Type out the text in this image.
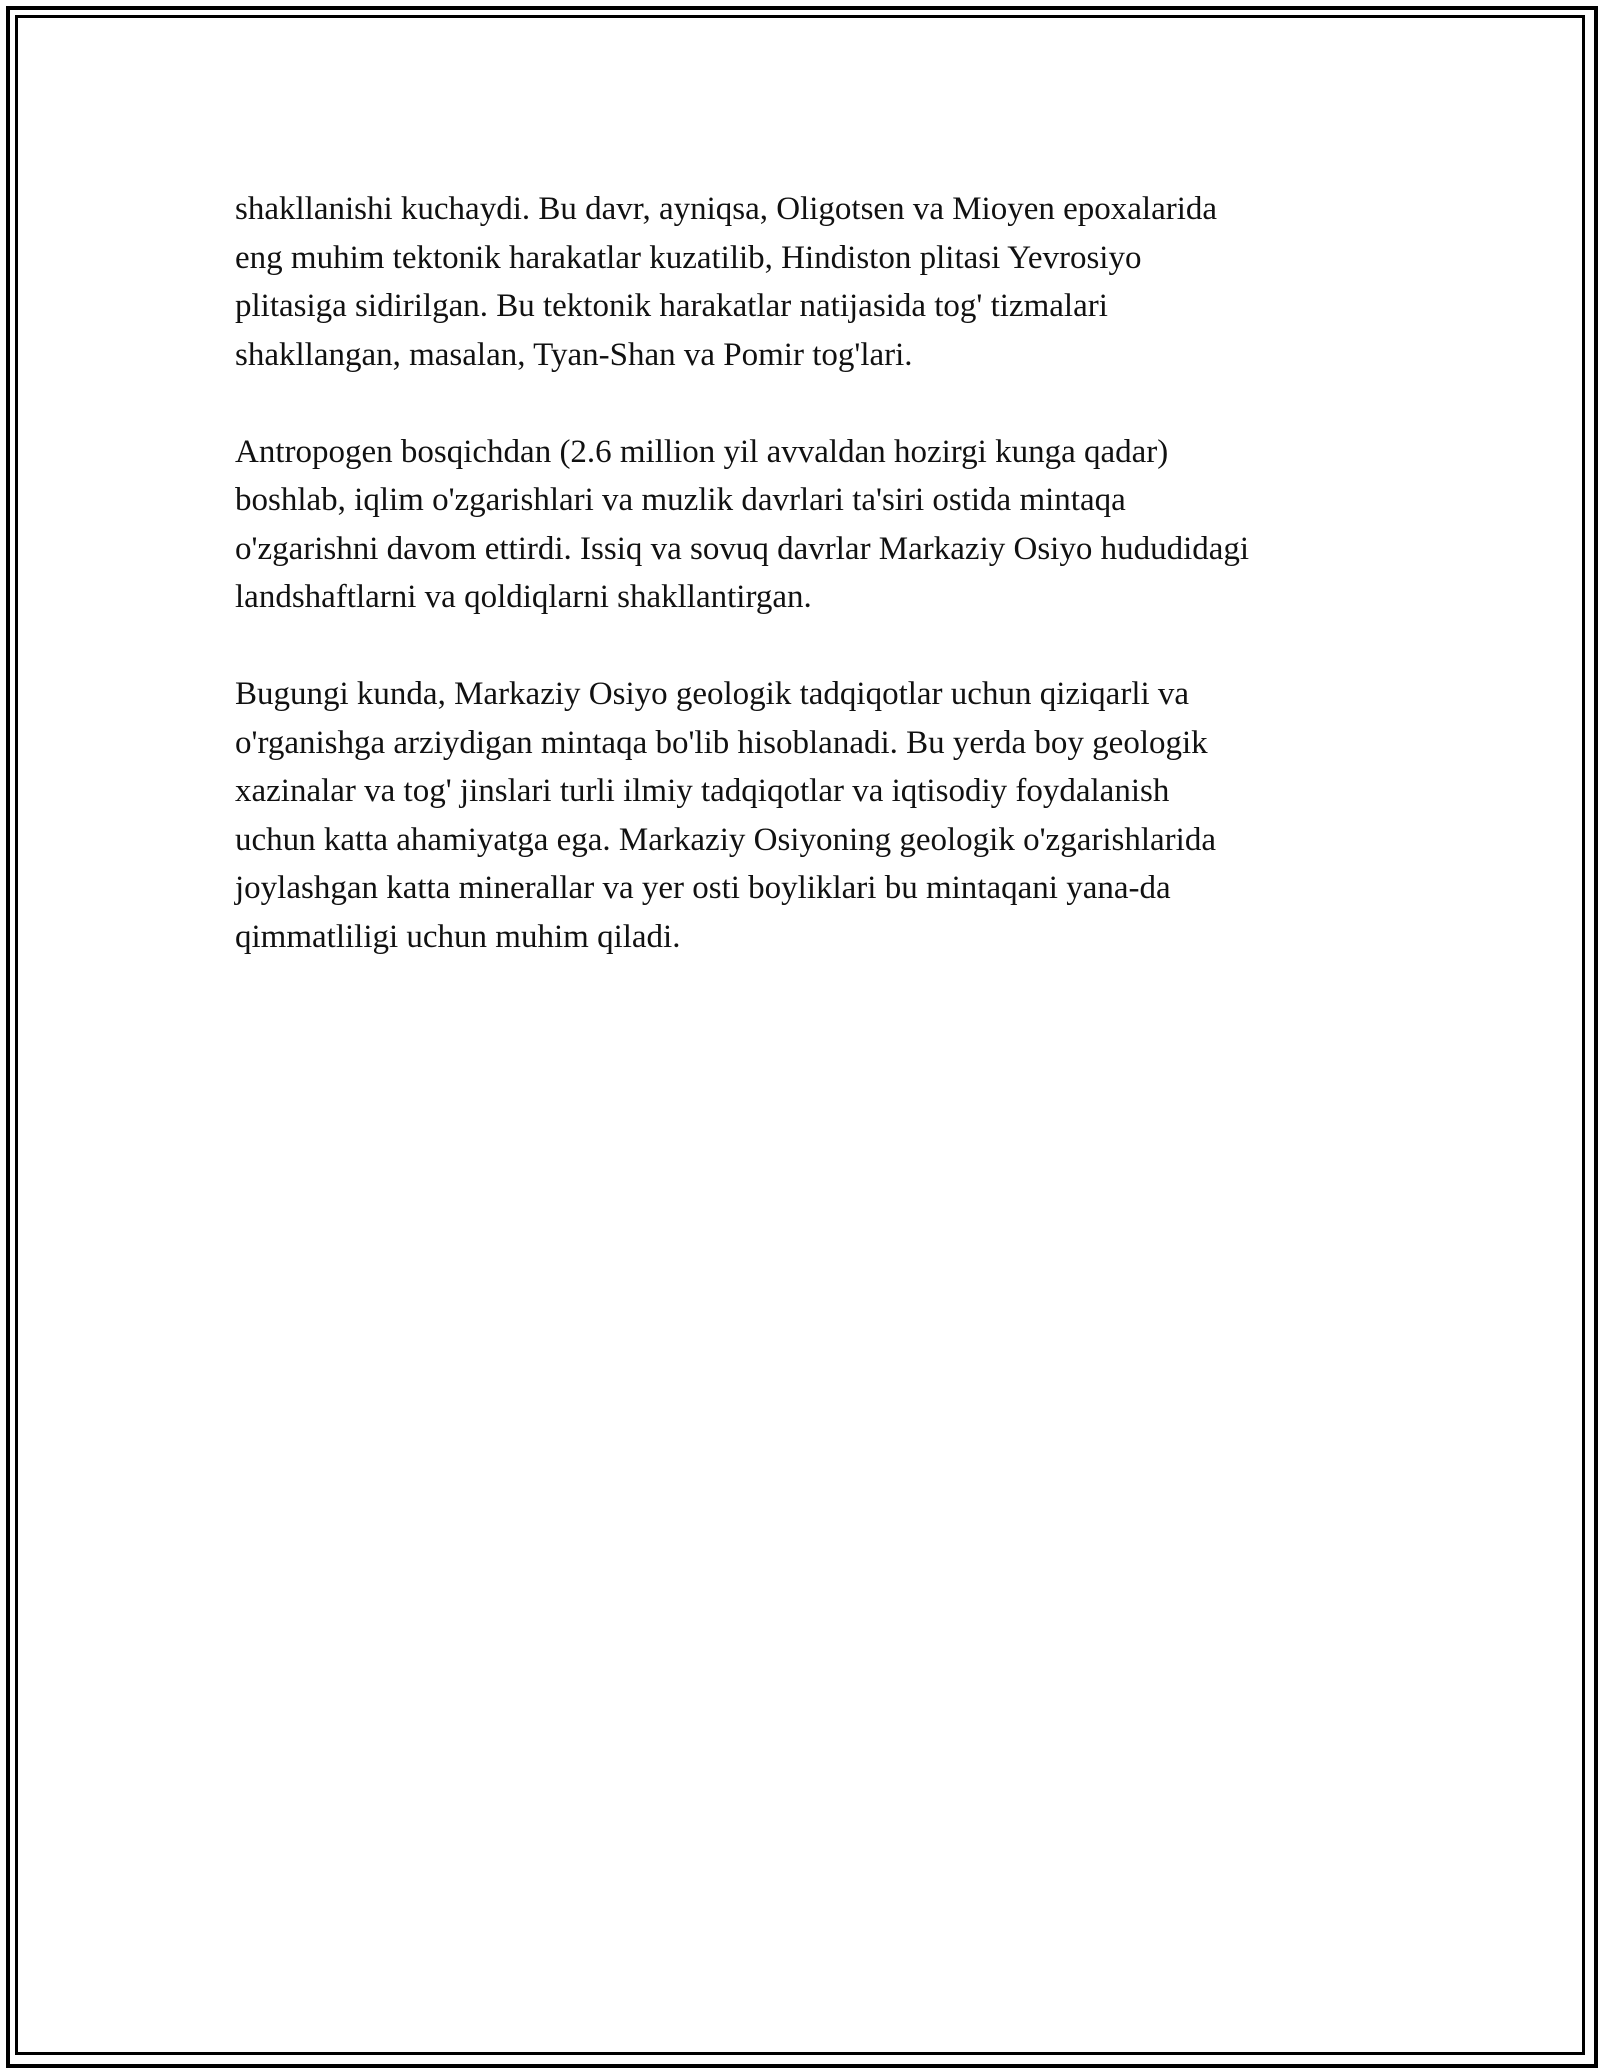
shakllanishi kuchaydi. Bu davr, ayniqsa, Oligotsen va Mioyen epoxalarida
eng muhim tektonik harakatlar kuzatilib, Hindiston plitasi Yevrosiyo
plitasiga sidirilgan. Bu tektonik harakatlar natijasida tog' tizmalari
shakllangan, masalan, Tyan-Shan va Pomir tog'lari.

Antropogen bosqichdan (2.6 million yil avvaldan hozirgi kunga qadar)
boshlab, iqlim o'zgarishlari va muzlik davrlari ta'siri ostida mintaqa
o'zgarishni davom ettirdi. Issiq va sovuq davrlar Markaziy Osiyo hududidagi
landshaftlarni va qoldiqlarni shakllantirgan.

Bugungi kunda, Markaziy Osiyo geologik tadqiqotlar uchun qiziqarli va
o'rganishga arziydigan mintaqa bo'lib hisoblanadi. Bu yerda boy geologik
xazinalar va tog' jinslari turli ilmiy tadqiqotlar va iqtisodiy foydalanish
uchun katta ahamiyatga ega. Markaziy Osiyoning geologik o'zgarishlarida
joylashgan katta minerallar va yer osti boyliklari bu mintaqani yana-da
qimmatliligi uchun muhim qiladi.
